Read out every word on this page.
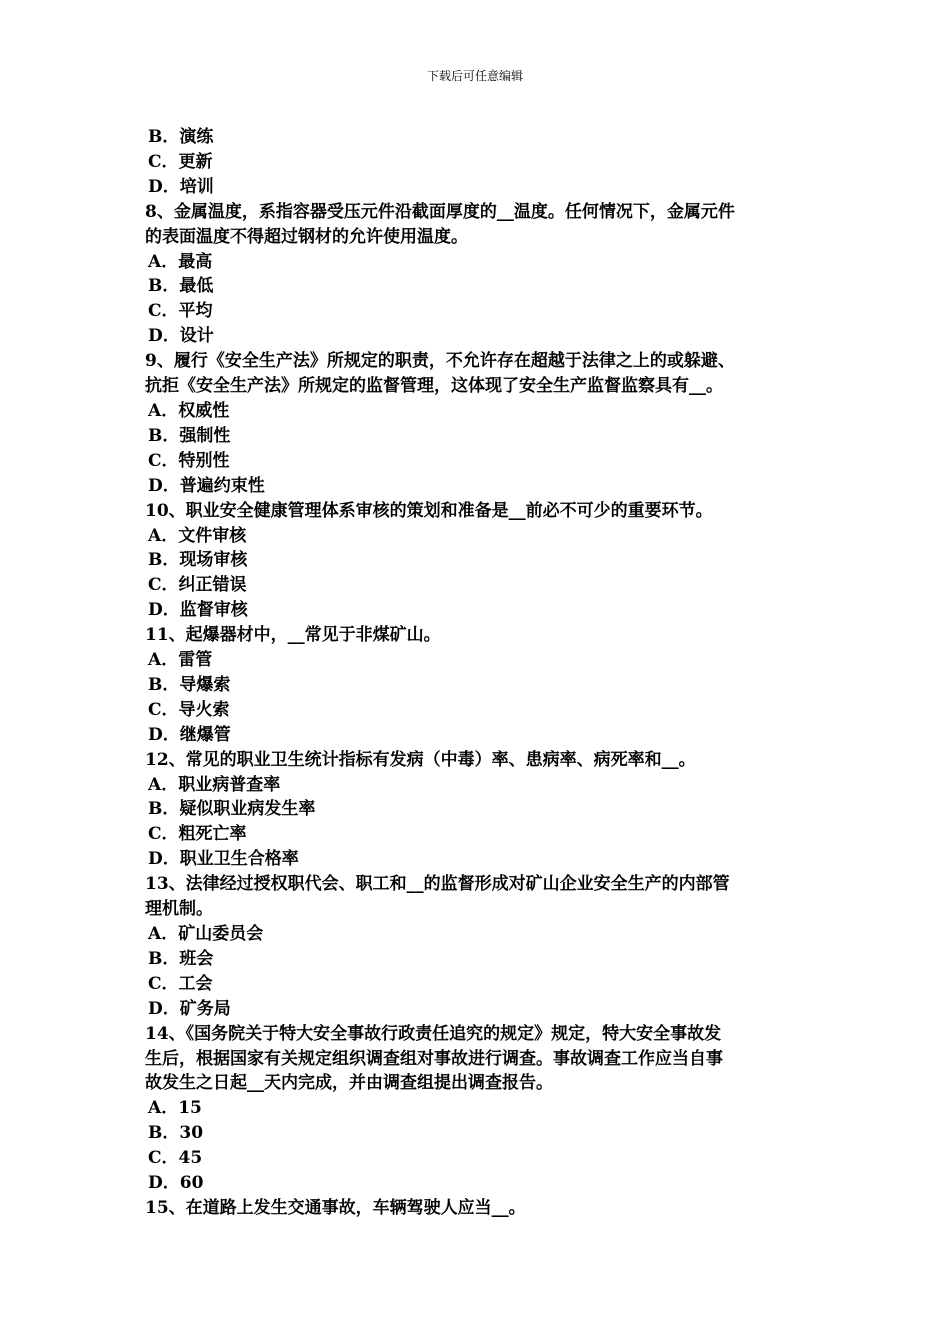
下载后可任意编辑
B．演练
C．更新
D．培训
8、金属温度，系指容器受压元件沿截面厚度的__温度。任何情况下，金属元件
的表面温度不得超过钢材的允许使用温度。
A．最高
B．最低
C．平均
D．设计
9、履行《安全生产法》所规定的职责，不允许存在超越于法律之上的或躲避、
抗拒《安全生产法》所规定的监督管理，这体现了安全生产监督监察具有__。
A．权威性
B．强制性
C．特别性
D．普遍约束性
10、职业安全健康管理体系审核的策划和准备是__前必不可少的重要环节。
A．文件审核
B．现场审核
C．纠正错误
D．监督审核
11、起爆器材中，__常见于非煤矿山。
A．雷管
B．导爆索
C．导火索
D．继爆管
12、常见的职业卫生统计指标有发病（中毒）率、患病率、病死率和__。
A．职业病普查率
B．疑似职业病发生率
C．粗死亡率
D．职业卫生合格率
13、法律经过授权职代会、职工和__的监督形成对矿山企业安全生产的内部管
理机制。
A．矿山委员会
B．班会
C．工会
D．矿务局
14、《国务院关于特大安全事故行政责任追究的规定》规定，特大安全事故发
生后，根据国家有关规定组织调查组对事故进行调查。事故调查工作应当自事
故发生之日起__天内完成，并由调查组提出调查报告。
A．15
B．30
C．45
D．60
15、在道路上发生交通事故，车辆驾驶人应当__。
